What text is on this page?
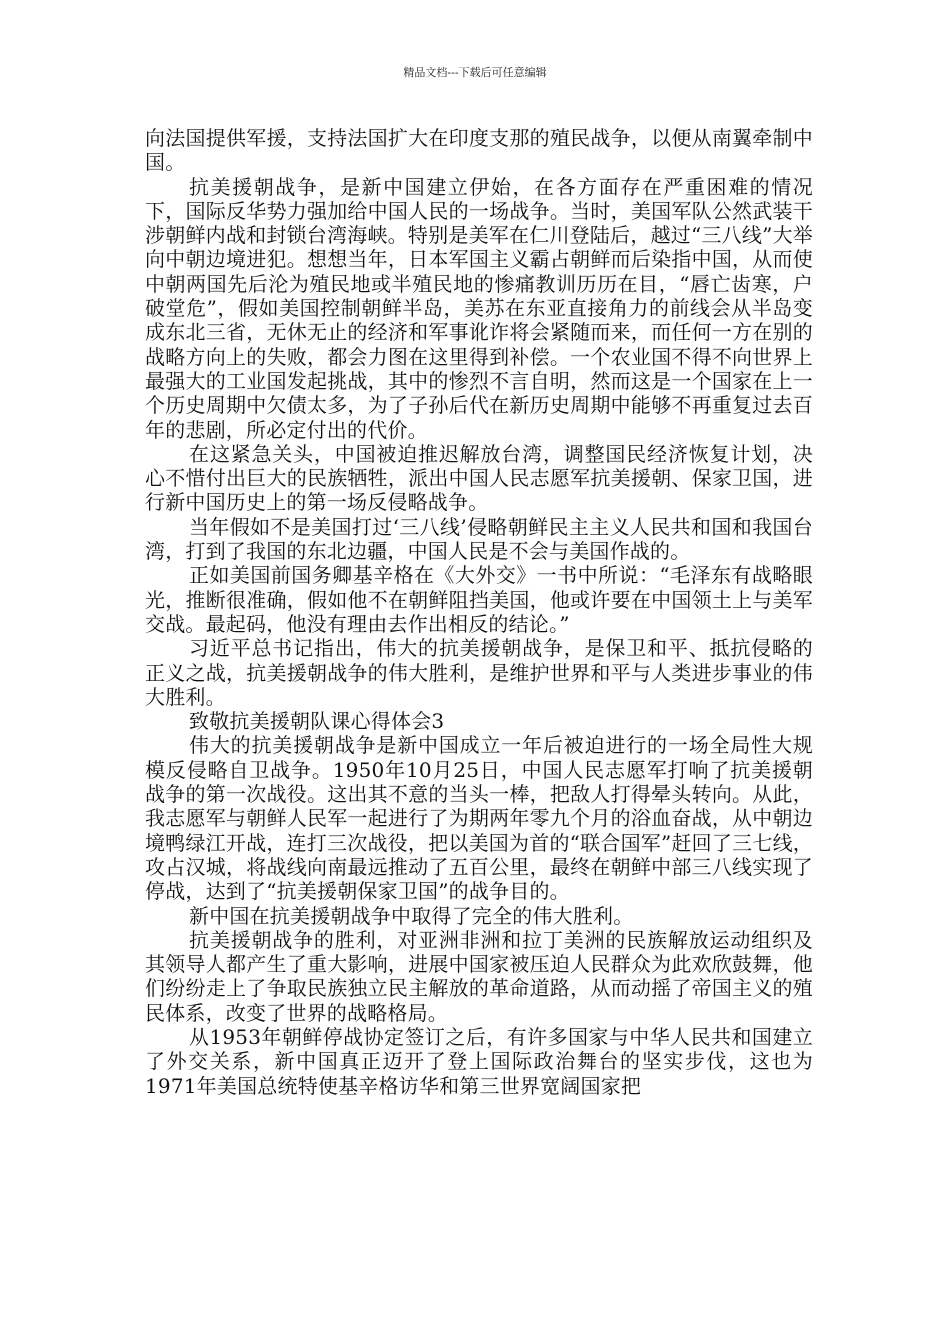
精品文档---下载后可任意编辑

向法国提供军援，支持法国扩大在印度支那的殖民战争，以便从南翼牵制中国。

抗美援朝战争，是新中国建立伊始，在各方面存在严重困难的情况下，国际反华势力强加给中国人民的一场战争。当时，美国军队公然武装干涉朝鲜内战和封锁台湾海峡。特别是美军在仁川登陆后，越过“三八线”大举向中朝边境进犯。想想当年，日本军国主义霸占朝鲜而后染指中国，从而使中朝两国先后沦为殖民地或半殖民地的惨痛教训历历在目，“唇亡齿寒，户破堂危”，假如美国控制朝鲜半岛，美苏在东亚直接角力的前线会从半岛变成东北三省，无休无止的经济和军事讹诈将会紧随而来，而任何一方在别的战略方向上的失败，都会力图在这里得到补偿。一个农业国不得不向世界上最强大的工业国发起挑战，其中的惨烈不言自明，然而这是一个国家在上一个历史周期中欠债太多，为了子孙后代在新历史周期中能够不再重复过去百年的悲剧，所必定付出的代价。

在这紧急关头，中国被迫推迟解放台湾，调整国民经济恢复计划，决心不惜付出巨大的民族牺牲，派出中国人民志愿军抗美援朝、保家卫国，进行新中国历史上的第一场反侵略战争。

当年假如不是美国打过‘三八线’侵略朝鲜民主主义人民共和国和我国台湾，打到了我国的东北边疆，中国人民是不会与美国作战的。

正如美国前国务卿基辛格在《大外交》一书中所说：“毛泽东有战略眼光，推断很准确，假如他不在朝鲜阻挡美国，他或许要在中国领土上与美军交战。最起码，他没有理由去作出相反的结论。”

习近平总书记指出，伟大的抗美援朝战争，是保卫和平、抵抗侵略的正义之战，抗美援朝战争的伟大胜利，是维护世界和平与人类进步事业的伟大胜利。

致敬抗美援朝队课心得体会3

伟大的抗美援朝战争是新中国成立一年后被迫进行的一场全局性大规模反侵略自卫战争。1950年10月25日，中国人民志愿军打响了抗美援朝战争的第一次战役。这出其不意的当头一棒，把敌人打得晕头转向。从此，我志愿军与朝鲜人民军一起进行了为期两年零九个月的浴血奋战，从中朝边境鸭绿江开战，连打三次战役，把以美国为首的“联合国军”赶回了三七线，攻占汉城，将战线向南最远推动了五百公里，最终在朝鲜中部三八线实现了停战，达到了“抗美援朝保家卫国”的战争目的。

新中国在抗美援朝战争中取得了完全的伟大胜利。

抗美援朝战争的胜利，对亚洲非洲和拉丁美洲的民族解放运动组织及其领导人都产生了重大影响，进展中国家被压迫人民群众为此欢欣鼓舞，他们纷纷走上了争取民族独立民主解放的革命道路，从而动摇了帝国主义的殖民体系，改变了世界的战略格局。

从1953年朝鲜停战协定签订之后，有许多国家与中华人民共和国建立了外交关系，新中国真正迈开了登上国际政治舞台的坚实步伐，这也为1971年美国总统特使基辛格访华和第三世界宽阔国家把
